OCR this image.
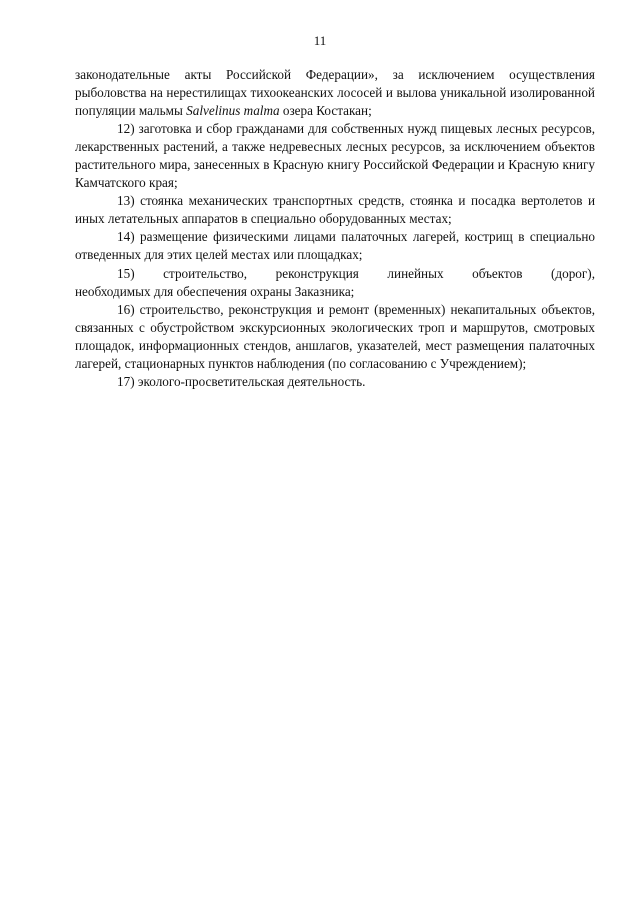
11

законодательные акты Российской Федерации», за исключением осуществления рыболовства на нерестилищах тихоокеанских лососей и вылова уникальной изолированной популяции мальмы Salvelinus malma озера Костакан;

12) заготовка и сбор гражданами для собственных нужд пищевых лесных ресурсов, лекарственных растений, а также недревесных лесных ресурсов, за исключением объектов растительного мира, занесенных в Красную книгу Российской Федерации и Красную книгу Камчатского края;

13) стоянка механических транспортных средств, стоянка и посадка вертолетов и иных летательных аппаратов в специально оборудованных местах;

14) размещение физическими лицами палаточных лагерей, кострищ в специально отведенных для этих целей местах или площадках;

15) строительство, реконструкция линейных объектов (дорог),
необходимых для обеспечения охраны Заказника;

16) строительство, реконструкция и ремонт (временных) некапитальных объектов, связанных с обустройством экскурсионных экологических троп и маршрутов, смотровых площадок, информационных стендов, аншлагов, указателей, мест размещения палаточных лагерей, стационарных пунктов наблюдения (по согласованию с Учреждением);

17) эколого-просветительская деятельность.
